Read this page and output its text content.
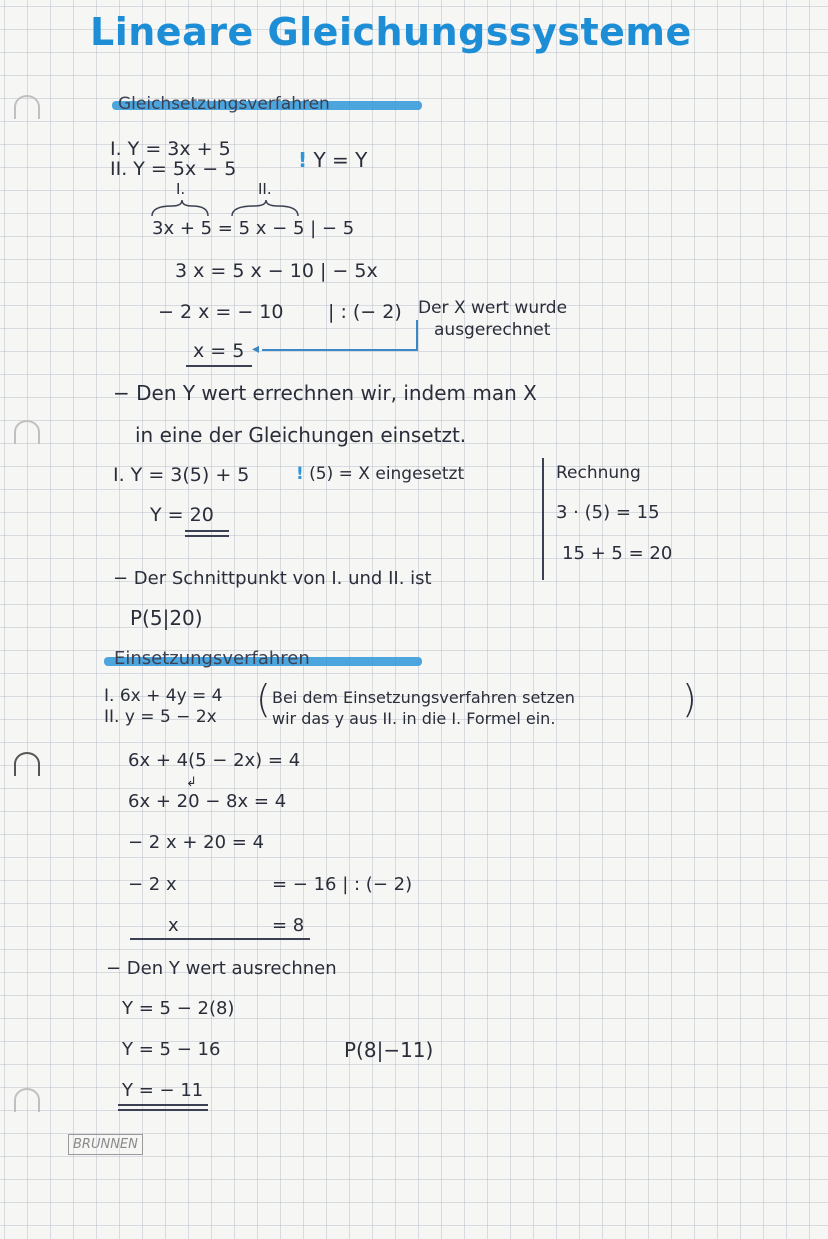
Lineare Gleichungssysteme
Gleichsetzungsverfahren
I. Y = 3x + 5
II. Y = 5x − 5	! Y = Y
I.	II.
3x + 5 = 5 x − 5 | − 5
3 x = 5 x − 10 | − 5x
− 2 x = − 10 | : (− 2) Der X wert wurde
ausgerechnet
x = 5 ◂
− Den Y wert errechnen wir, indem man X
in eine der Gleichungen einsetzt.
I. Y = 3(5) + 5	! (5) = X eingesetzt
Y = 20
Rechnung
3 · (5) = 15
15 + 5 = 20
− Der Schnittpunkt von I. und II. ist
P(5|20)
Einsetzungsverfahren
I. 6x + 4y = 4
II. y = 5 − 2x ( Bei dem Einsetzungsverfahren setzen
wir das y aus II. in die I. Formel ein.	)
6x + 4(5 − 2x) = 4
↲
6x + 20 − 8x = 4
− 2 x + 20 = 4
− 2 x	= − 16 | : (− 2)
x	= 8
− Den Y wert ausrechnen
Y = 5 − 2(8)
Y = 5 − 16	P(8|−11)
Y = − 11
BRUNNEN
